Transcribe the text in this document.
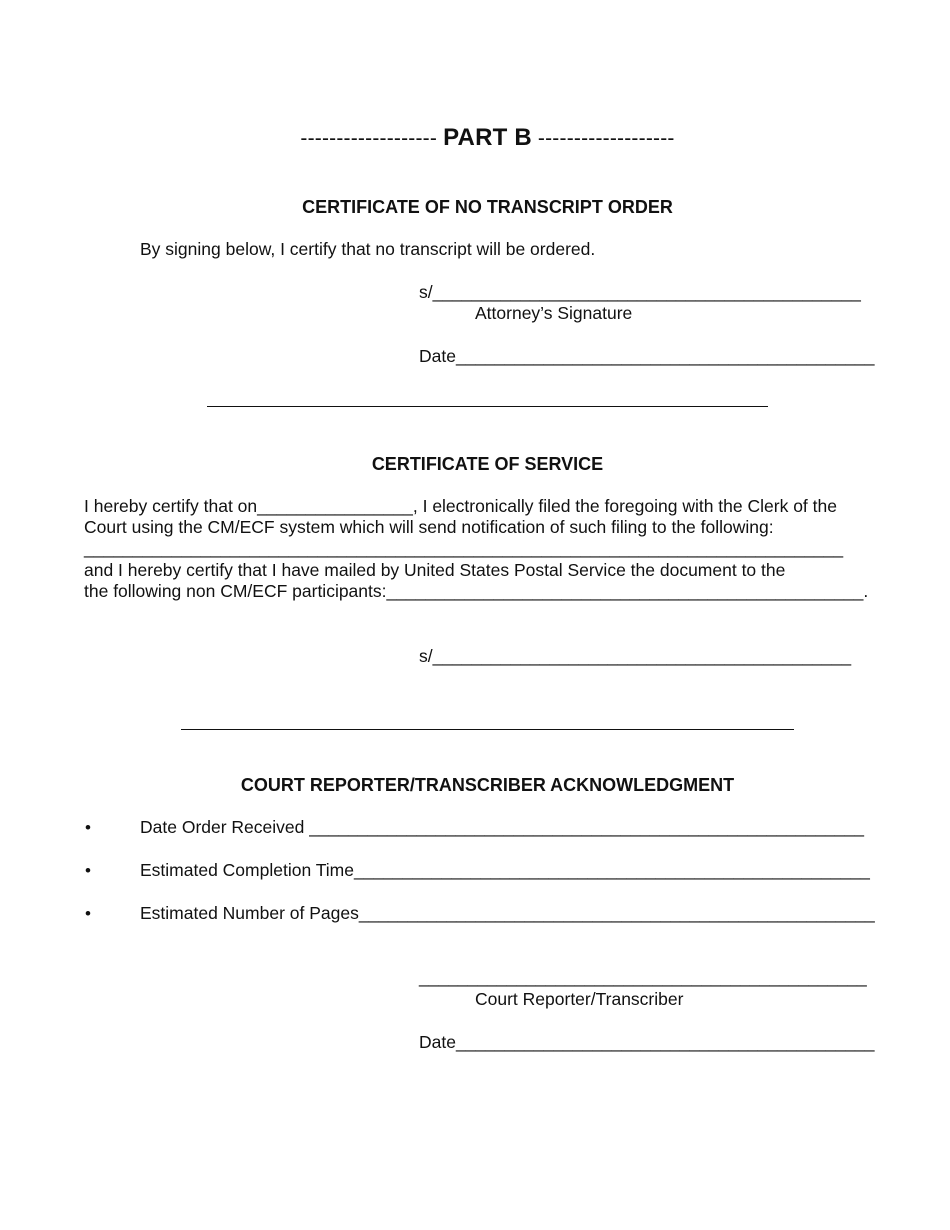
------------------- PART B -------------------
CERTIFICATE OF NO TRANSCRIPT ORDER
By signing below, I certify that no transcript will be ordered.
s/____________________________________________
Attorney’s Signature
Date___________________________________________
CERTIFICATE OF SERVICE
I hereby certify that on________________, I electronically filed the foregoing with the Clerk of the
Court using the CM/ECF system which will send notification of such filing to the following:
______________________________________________________________________________
and I hereby certify that I have mailed by United States Postal Service the document to the
the following non CM/ECF participants:_________________________________________________.
s/___________________________________________
COURT REPORTER/TRANSCRIBER ACKNOWLEDGMENT
•	Date Order Received _________________________________________________________
•	Estimated Completion Time_____________________________________________________
•	Estimated Number of Pages_____________________________________________________
______________________________________________
Court Reporter/Transcriber
Date___________________________________________
